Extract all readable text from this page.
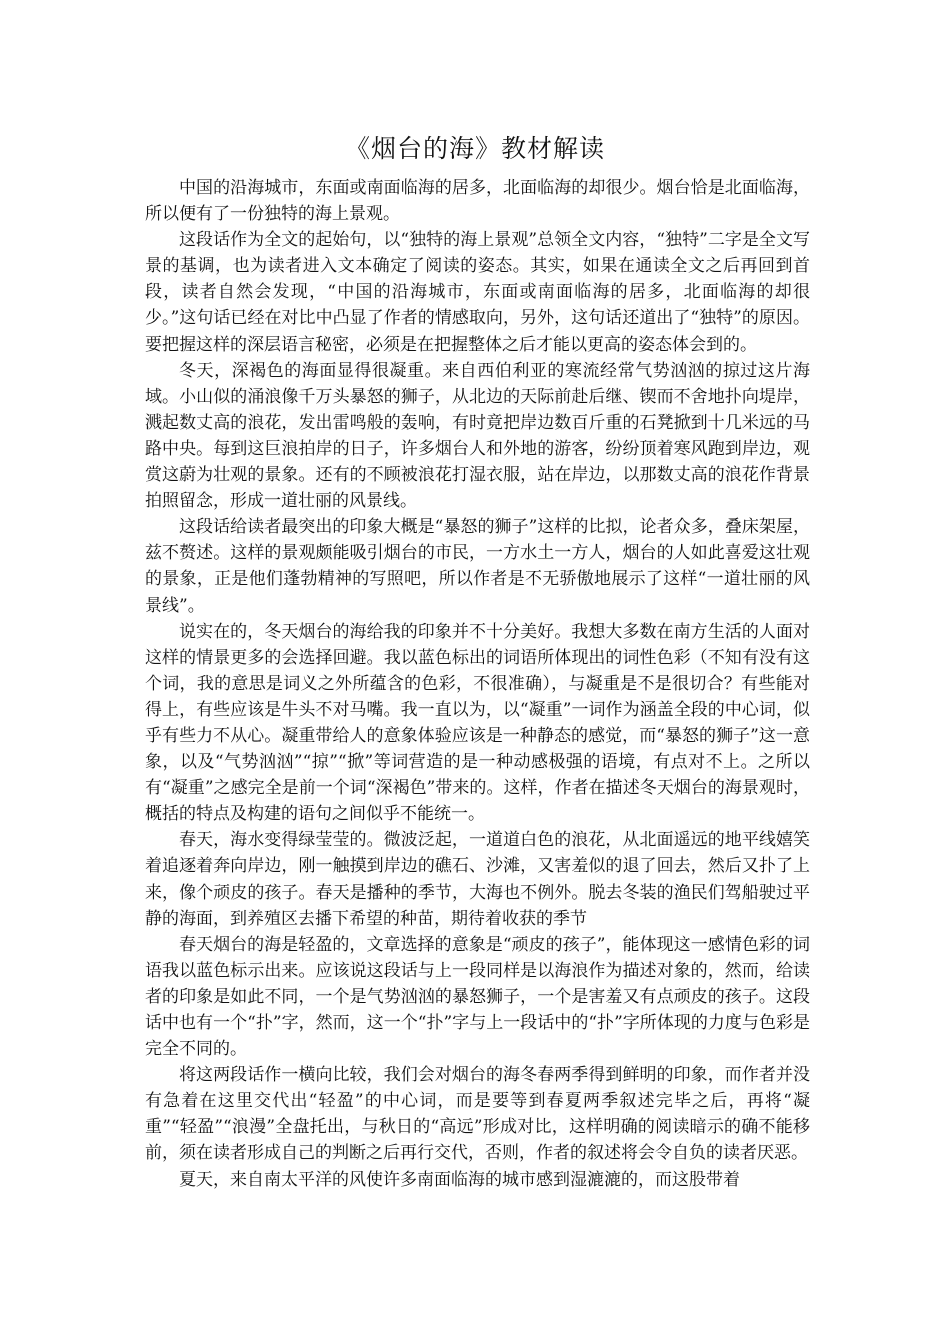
《烟台的海》教材解读

中国的沿海城市，东面或南面临海的居多，北面临海的却很少。烟台恰是北面临海，所以便有了一份独特的海上景观。

这段话作为全文的起始句，以“独特的海上景观”总领全文内容，“独特”二字是全文写景的基调，也为读者进入文本确定了阅读的姿态。其实，如果在通读全文之后再回到首段，读者自然会发现，“中国的沿海城市，东面或南面临海的居多，北面临海的却很少。”这句话已经在对比中凸显了作者的情感取向，另外，这句话还道出了“独特”的原因。要把握这样的深层语言秘密，必须是在把握整体之后才能以更高的姿态体会到的。

冬天，深褐色的海面显得很凝重。来自西伯利亚的寒流经常气势汹汹的掠过这片海域。小山似的涌浪像千万头暴怒的狮子，从北边的天际前赴后继、锲而不舍地扑向堤岸，溅起数丈高的浪花，发出雷鸣般的轰响，有时竟把岸边数百斤重的石凳掀到十几米远的马路中央。每到这巨浪拍岸的日子，许多烟台人和外地的游客，纷纷顶着寒风跑到岸边，观赏这蔚为壮观的景象。还有的不顾被浪花打湿衣服，站在岸边，以那数丈高的浪花作背景拍照留念，形成一道壮丽的风景线。

这段话给读者最突出的印象大概是“暴怒的狮子”这样的比拟，论者众多，叠床架屋，兹不赘述。这样的景观颇能吸引烟台的市民，一方水土一方人，烟台的人如此喜爱这壮观的景象，正是他们蓬勃精神的写照吧，所以作者是不无骄傲地展示了这样“一道壮丽的风景线”。

说实在的，冬天烟台的海给我的印象并不十分美好。我想大多数在南方生活的人面对这样的情景更多的会选择回避。我以蓝色标出的词语所体现出的词性色彩（不知有没有这个词，我的意思是词义之外所蕴含的色彩，不很准确），与凝重是不是很切合？有些能对得上，有些应该是牛头不对马嘴。我一直以为，以“凝重”一词作为涵盖全段的中心词，似乎有些力不从心。凝重带给人的意象体验应该是一种静态的感觉，而“暴怒的狮子”这一意象，以及“气势汹汹”“掠”“掀”等词营造的是一种动感极强的语境，有点对不上。之所以有“凝重”之感完全是前一个词“深褐色”带来的。这样，作者在描述冬天烟台的海景观时，概括的特点及构建的语句之间似乎不能统一。

春天，海水变得绿莹莹的。微波泛起，一道道白色的浪花，从北面遥远的地平线嬉笑着追逐着奔向岸边，刚一触摸到岸边的礁石、沙滩，又害羞似的退了回去，然后又扑了上来，像个顽皮的孩子。春天是播种的季节，大海也不例外。脱去冬装的渔民们驾船驶过平静的海面，到养殖区去播下希望的种苗，期待着收获的季节

春天烟台的海是轻盈的，文章选择的意象是“顽皮的孩子”，能体现这一感情色彩的词语我以蓝色标示出来。应该说这段话与上一段同样是以海浪作为描述对象的，然而，给读者的印象是如此不同，一个是气势汹汹的暴怒狮子，一个是害羞又有点顽皮的孩子。这段话中也有一个“扑”字，然而，这一个“扑”字与上一段话中的“扑”字所体现的力度与色彩是完全不同的。

将这两段话作一横向比较，我们会对烟台的海冬春两季得到鲜明的印象，而作者并没有急着在这里交代出“轻盈”的中心词，而是要等到春夏两季叙述完毕之后，再将“凝重”“轻盈”“浪漫”全盘托出，与秋日的“高远”形成对比，这样明确的阅读暗示的确不能移前，须在读者形成自己的判断之后再行交代，否则，作者的叙述将会令自负的读者厌恶。

夏天，来自南太平洋的风使许多南面临海的城市感到湿漉漉的，而这股带着
